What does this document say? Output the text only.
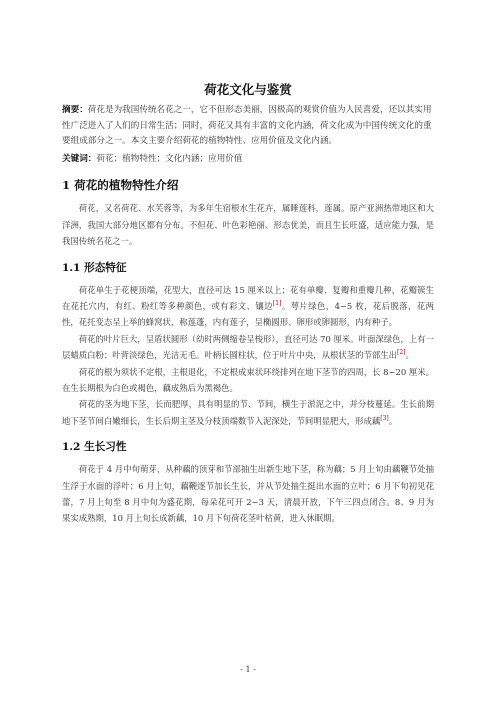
荷花文化与鉴赏

摘要：荷花是为我国传统名花之一，它不但形态美丽，因极高的观赏价值为人民喜爱，还以其实用性广泛进入了人们的日常生活；同时，荷花又具有丰富的文化内涵，荷文化成为中国传统文化的重要组成部分之一。本文主要介绍荷花的植物特性、应用价值及文化内涵。

关键词：荷花；植物特性；文化内涵；应用价值

1 荷花的植物特性介绍

荷花，又名荷花、水芙蓉等，为多年生宿根水生花卉，属睡莲科，莲属。原产亚洲热带地区和大洋洲，我国大部分地区都有分布。不但花、叶色彩艳丽、形态优美，而且生长旺盛，适应能力强，是我国传统名花之一。

1.1 形态特征

荷花单生于花梗顶端，花型大，直径可达 15 厘米以上；花有单瓣、复瓣和重瓣几种，花瓣簇生在花托穴内，有红、粉红等多种颜色，或有彩文、镶边[1]。萼片绿色，4~5 枚，花后脱落，花两性，花托变态呈上举的蜂窝状，称莲蓬，内有莲子，呈椭圆形、卵形或卵圆形，内有种子。

荷花的叶片巨大，呈盾状圆形（幼时两侧缩卷呈梭形），直径可达 70 厘米。叶面深绿色，上有一层蜡质白粉；叶背淡绿色，光洁无毛。叶柄长圆柱状，位于叶片中央，从根状茎的节部生出[2]。

荷花的根为须状不定根，主根退化，不定根成束状环绕排列在地下茎节的四周，长 8~20 厘米。在生长期根为白色或褐色，藕成熟后为黑褐色。

荷花的茎为地下茎，长而肥厚，具有明显的节、节间，横生于淤泥之中，并分枝蔓延。生长前期地下茎节间白嫩细长，生长后期主茎及分枝顶端数节入泥深处，节间明显肥大，形成藕[3]。

1.2 生长习性

荷花于 4 月中旬萌芽，从种藕的顶芽和节部抽生出新生地下茎，称为藕；5 月上旬由藕鞭节处抽生浮于水面的浮叶；6 月上旬，藕鞭逐节加长生长，并从节处抽生挺出水面的立叶；6 月下旬初见花蕾，7 月上旬至 8 月中旬为盛花期，每朵花可开 2~3 天，清晨开放，下午三四点闭合。8、9 月为果实成熟期，10 月上旬长成新藕，10 月下旬荷花茎叶枯黄，进入休眠期。

- 1 -
